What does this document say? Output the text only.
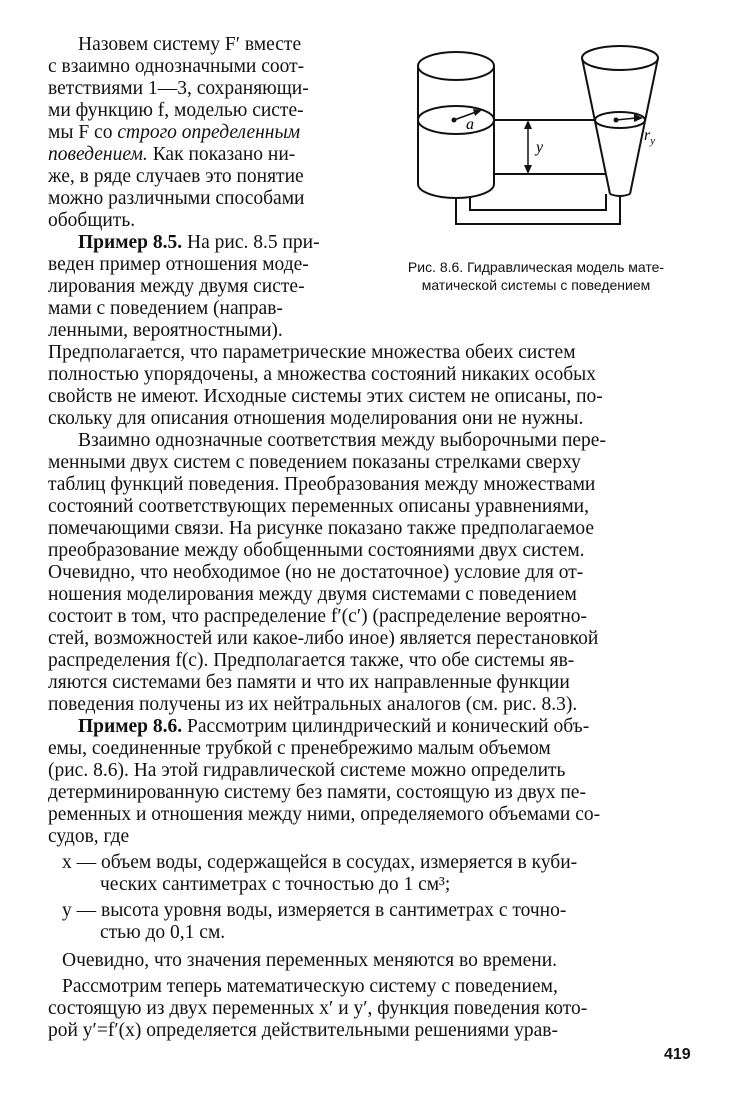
a
$r_y$
y
Рис. 8.6. Гидравлическая модель мате-
матической системы с поведением
Назовем систему F′ вместе
с взаимно однозначными соот-
ветствиями 1—3, сохраняющи-
ми функцию f, моделью систе-
мы F со строго определенным
поведением. Как показано ни-
же, в ряде случаев это понятие
можно различными способами
обобщить.
Пример 8.5. На рис. 8.5 при-
веден пример отношения моде-
лирования между двумя систе-
мами с поведением (направ-
ленными, вероятностными).
Предполагается, что параметрические множества обеих систем
полностью упорядочены, а множества состояний никаких особых
свойств не имеют. Исходные системы этих систем не описаны, по-
скольку для описания отношения моделирования они не нужны.
Взаимно однозначные соответствия между выборочными пере-
менными двух систем с поведением показаны стрелками сверху
таблиц функций поведения. Преобразования между множествами
состояний соответствующих переменных описаны уравнениями,
помечающими связи. На рисунке показано также предполагаемое
преобразование между обобщенными состояниями двух систем.
Очевидно, что необходимое (но не достаточное) условие для от-
ношения моделирования между двумя системами с поведением
состоит в том, что распределение f′(c′) (распределение вероятно-
стей, возможностей или какое-либо иное) является перестановкой
распределения f(c). Предполагается также, что обе системы яв-
ляются системами без памяти и что их направленные функции
поведения получены из их нейтральных аналогов (см. рис. 8.3).
Пример 8.6. Рассмотрим цилиндрический и конический объ-
емы, соединенные трубкой с пренебрежимо малым объемом
(рис. 8.6). На этой гидравлической системе можно определить
детерминированную систему без памяти, состоящую из двух пе-
ременных и отношения между ними, определяемого объемами со-
судов, где
x — объем воды, содержащейся в сосудах, измеряется в куби-
ческих сантиметрах с точностью до 1 см³;
y — высота уровня воды, измеряется в сантиметрах с точно-
стью до 0,1 см.
Очевидно, что значения переменных меняются во времени.
Рассмотрим теперь математическую систему с поведением,
состоящую из двух переменных x′ и y′, функция поведения кото-
рой y′=f′(x) определяется действительными решениями урав-
419
